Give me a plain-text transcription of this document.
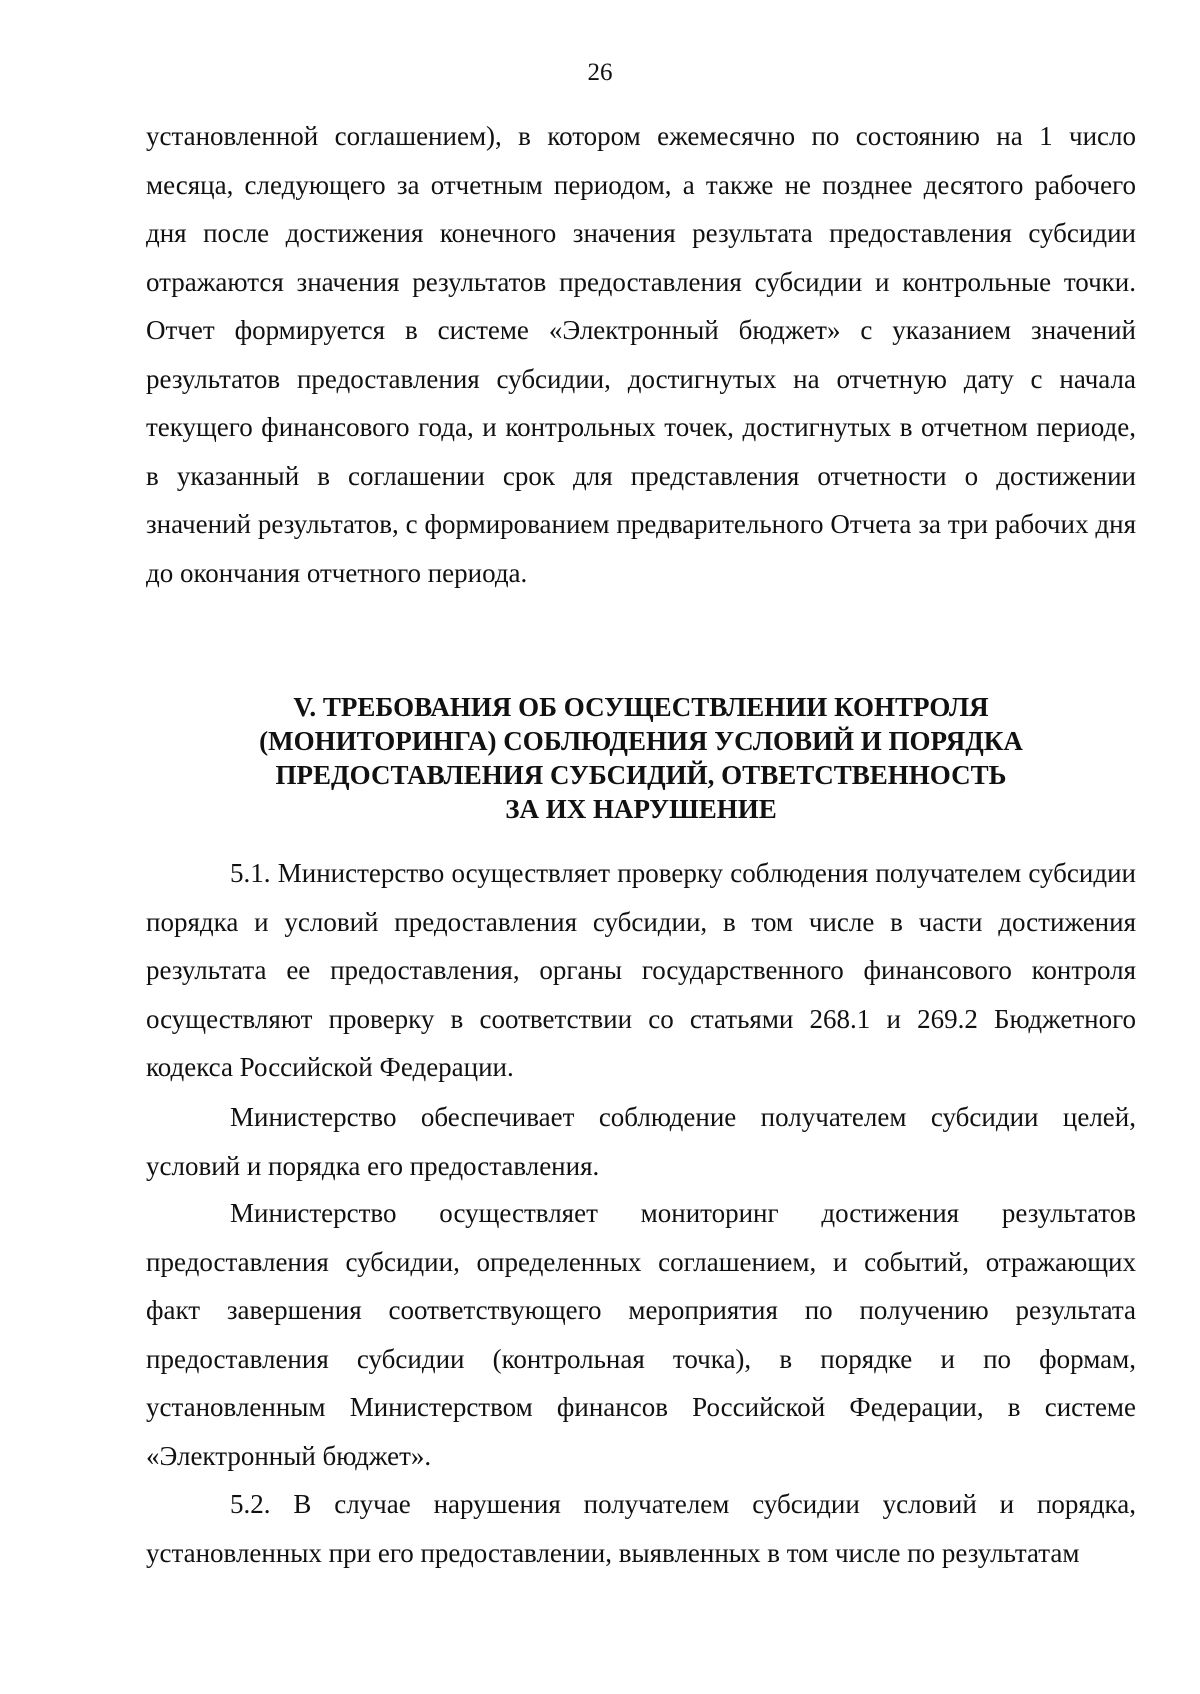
26

установленной соглашением), в котором ежемесячно по состоянию на 1 число месяца, следующего за отчетным периодом, а также не позднее десятого рабочего дня после достижения конечного значения результата предоставления субсидии отражаются значения результатов предоставления субсидии и контрольные точки. Отчет формируется в системе «Электронный бюджет» с указанием значений результатов предоставления субсидии, достигнутых на отчетную дату с начала текущего финансового года, и контрольных точек, достигнутых в отчетном периоде, в указанный в соглашении срок для представления отчетности о достижении значений результатов, с формированием предварительного Отчета за три рабочих дня до окончания отчетного периода.

V. ТРЕБОВАНИЯ ОБ ОСУЩЕСТВЛЕНИИ КОНТРОЛЯ
(МОНИТОРИНГА) СОБЛЮДЕНИЯ УСЛОВИЙ И ПОРЯДКА
ПРЕДОСТАВЛЕНИЯ СУБСИДИЙ, ОТВЕТСТВЕННОСТЬ
ЗА ИХ НАРУШЕНИЕ

5.1. Министерство осуществляет проверку соблюдения получателем субсидии порядка и условий предоставления субсидии, в том числе в части достижения результата ее предоставления, органы государственного финансового контроля осуществляют проверку в соответствии со статьями 268.1 и 269.2 Бюджетного кодекса Российской Федерации.

Министерство обеспечивает соблюдение получателем субсидии целей, условий и порядка его предоставления.

Министерство осуществляет мониторинг достижения результатов предоставления субсидии, определенных соглашением, и событий, отражающих факт завершения соответствующего мероприятия по получению результата предоставления субсидии (контрольная точка), в порядке и по формам, установленным Министерством финансов Российской Федерации, в системе «Электронный бюджет».

5.2. В случае нарушения получателем субсидии условий и порядка, установленных при его предоставлении, выявленных в том числе по результатам
